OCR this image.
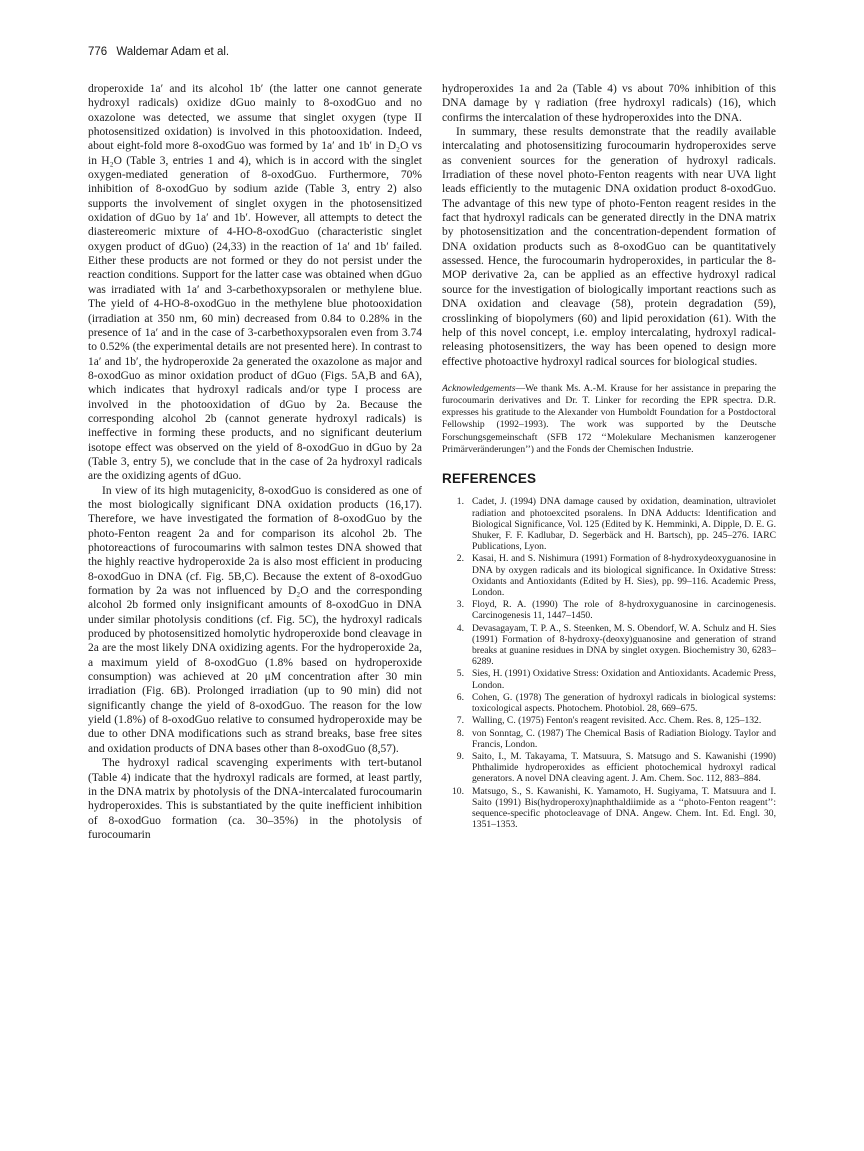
776 Waldemar Adam et al.

droperoxide 1a′ and its alcohol 1b′ (the latter one cannot generate hydroxyl radicals) oxidize dGuo mainly to 8-oxodGuo and no oxazolone was detected, we assume that singlet oxygen (type II photosensitized oxidation) is involved in this photooxidation. Indeed, about eight-fold more 8-oxodGuo was formed by 1a′ and 1b′ in D₂O vs in H₂O (Table 3, entries 1 and 4), which is in accord with the singlet oxygen-mediated generation of 8-oxodGuo. Furthermore, 70% inhibition of 8-oxodGuo by sodium azide (Table 3, entry 2) also supports the involvement of singlet oxygen in the photosensitized oxidation of dGuo by 1a′ and 1b′. However, all attempts to detect the diastereomeric mixture of 4-HO-8-oxodGuo (characteristic singlet oxygen product of dGuo) (24,33) in the reaction of 1a′ and 1b′ failed. Either these products are not formed or they do not persist under the reaction conditions. Support for the latter case was obtained when dGuo was irradiated with 1a′ and 3-carbethoxypsoralen or methylene blue. The yield of 4-HO-8-oxodGuo in the methylene blue photooxidation (irradiation at 350 nm, 60 min) decreased from 0.84 to 0.28% in the presence of 1a′ and in the case of 3-carbethoxypsoralen even from 3.74 to 0.52% (the experimental details are not presented here). In contrast to 1a′ and 1b′, the hydroperoxide 2a generated the oxazolone as major and 8-oxodGuo as minor oxidation product of dGuo (Figs. 5A,B and 6A), which indicates that hydroxyl radicals and/or type I process are involved in the photooxidation of dGuo by 2a. Because the corresponding alcohol 2b (cannot generate hydroxyl radicals) is ineffective in forming these products, and no significant deuterium isotope effect was observed on the yield of 8-oxodGuo in dGuo by 2a (Table 3, entry 5), we conclude that in the case of 2a hydroxyl radicals are the oxidizing agents of dGuo.

In view of its high mutagenicity, 8-oxodGuo is considered as one of the most biologically significant DNA oxidation products (16,17). Therefore, we have investigated the formation of 8-oxodGuo by the photo-Fenton reagent 2a and for comparison its alcohol 2b. The photoreactions of furocoumarins with salmon testes DNA showed that the highly reactive hydroperoxide 2a is also most efficient in producing 8-oxodGuo in DNA (cf. Fig. 5B,C). Because the extent of 8-oxodGuo formation by 2a was not influenced by D₂O and the corresponding alcohol 2b formed only insignificant amounts of 8-oxodGuo in DNA under similar photolysis conditions (cf. Fig. 5C), the hydroxyl radicals produced by photosensitized homolytic hydroperoxide bond cleavage in 2a are the most likely DNA oxidizing agents. For the hydroperoxide 2a, a maximum yield of 8-oxodGuo (1.8% based on hydroperoxide consumption) was achieved at 20 μM concentration after 30 min irradiation (Fig. 6B). Prolonged irradiation (up to 90 min) did not significantly change the yield of 8-oxodGuo. The reason for the low yield (1.8%) of 8-oxodGuo relative to consumed hydroperoxide may be due to other DNA modifications such as strand breaks, base free sites and oxidation products of DNA bases other than 8-oxodGuo (8,57).

The hydroxyl radical scavenging experiments with tert-butanol (Table 4) indicate that the hydroxyl radicals are formed, at least partly, in the DNA matrix by photolysis of the DNA-intercalated furocoumarin hydroperoxides. This is substantiated by the quite inefficient inhibition of 8-oxodGuo formation (ca. 30–35%) in the photolysis of furocoumarin

hydroperoxides 1a and 2a (Table 4) vs about 70% inhibition of this DNA damage by γ radiation (free hydroxyl radicals) (16), which confirms the intercalation of these hydroperoxides into the DNA.

In summary, these results demonstrate that the readily available intercalating and photosensitizing furocoumarin hydroperoxides serve as convenient sources for the generation of hydroxyl radicals. Irradiation of these novel photo-Fenton reagents with near UVA light leads efficiently to the mutagenic DNA oxidation product 8-oxodGuo. The advantage of this new type of photo-Fenton reagent resides in the fact that hydroxyl radicals can be generated directly in the DNA matrix by photosensitization and the concentration-dependent formation of DNA oxidation products such as 8-oxodGuo can be quantitatively assessed. Hence, the furocoumarin hydroperoxides, in particular the 8-MOP derivative 2a, can be applied as an effective hydroxyl radical source for the investigation of biologically important reactions such as DNA oxidation and cleavage (58), protein degradation (59), crosslinking of biopolymers (60) and lipid peroxidation (61). With the help of this novel concept, i.e. employ intercalating, hydroxyl radical-releasing photosensitizers, the way has been opened to design more effective photoactive hydroxyl radical sources for biological studies.

Acknowledgements—We thank Ms. A.-M. Krause for her assistance in preparing the furocoumarin derivatives and Dr. T. Linker for recording the EPR spectra. D.R. expresses his gratitude to the Alexander von Humboldt Foundation for a Postdoctoral Fellowship (1992–1993). The work was supported by the Deutsche Forschungsgemeinschaft (SFB 172 ‘‘Molekulare Mechanismen kanzerogener Primärveränderungen’’) and the Fonds der Chemischen Industrie.
REFERENCES
1. Cadet, J. (1994) DNA damage caused by oxidation, deamination, ultraviolet radiation and photoexcited psoralens. In DNA Adducts: Identification and Biological Significance, Vol. 125 (Edited by K. Hemminki, A. Dipple, D. E. G. Shuker, F. F. Kadlubar, D. Segerbäck and H. Bartsch), pp. 245–276. IARC Publications, Lyon.
2. Kasai, H. and S. Nishimura (1991) Formation of 8-hydroxydeoxyguanosine in DNA by oxygen radicals and its biological significance. In Oxidative Stress: Oxidants and Antioxidants (Edited by H. Sies), pp. 99–116. Academic Press, London.
3. Floyd, R. A. (1990) The role of 8-hydroxyguanosine in carcinogenesis. Carcinogenesis 11, 1447–1450.
4. Devasagayam, T. P. A., S. Steenken, M. S. Obendorf, W. A. Schulz and H. Sies (1991) Formation of 8-hydroxy-(deoxy)guanosine and generation of strand breaks at guanine residues in DNA by singlet oxygen. Biochemistry 30, 6283–6289.
5. Sies, H. (1991) Oxidative Stress: Oxidation and Antioxidants. Academic Press, London.
6. Cohen, G. (1978) The generation of hydroxyl radicals in biological systems: toxicological aspects. Photochem. Photobiol. 28, 669–675.
7. Walling, C. (1975) Fenton's reagent revisited. Acc. Chem. Res. 8, 125–132.
8. von Sonntag, C. (1987) The Chemical Basis of Radiation Biology. Taylor and Francis, London.
9. Saito, I., M. Takayama, T. Matsuura, S. Matsugo and S. Kawanishi (1990) Phthalimide hydroperoxides as efficient photochemical hydroxyl radical generators. A novel DNA cleaving agent. J. Am. Chem. Soc. 112, 883–884.
10. Matsugo, S., S. Kawanishi, K. Yamamoto, H. Sugiyama, T. Matsuura and I. Saito (1991) Bis(hydroperoxy)naphthaldiimide as a ‘‘photo-Fenton reagent’’: sequence-specific photocleavage of DNA. Angew. Chem. Int. Ed. Engl. 30, 1351–1353.
